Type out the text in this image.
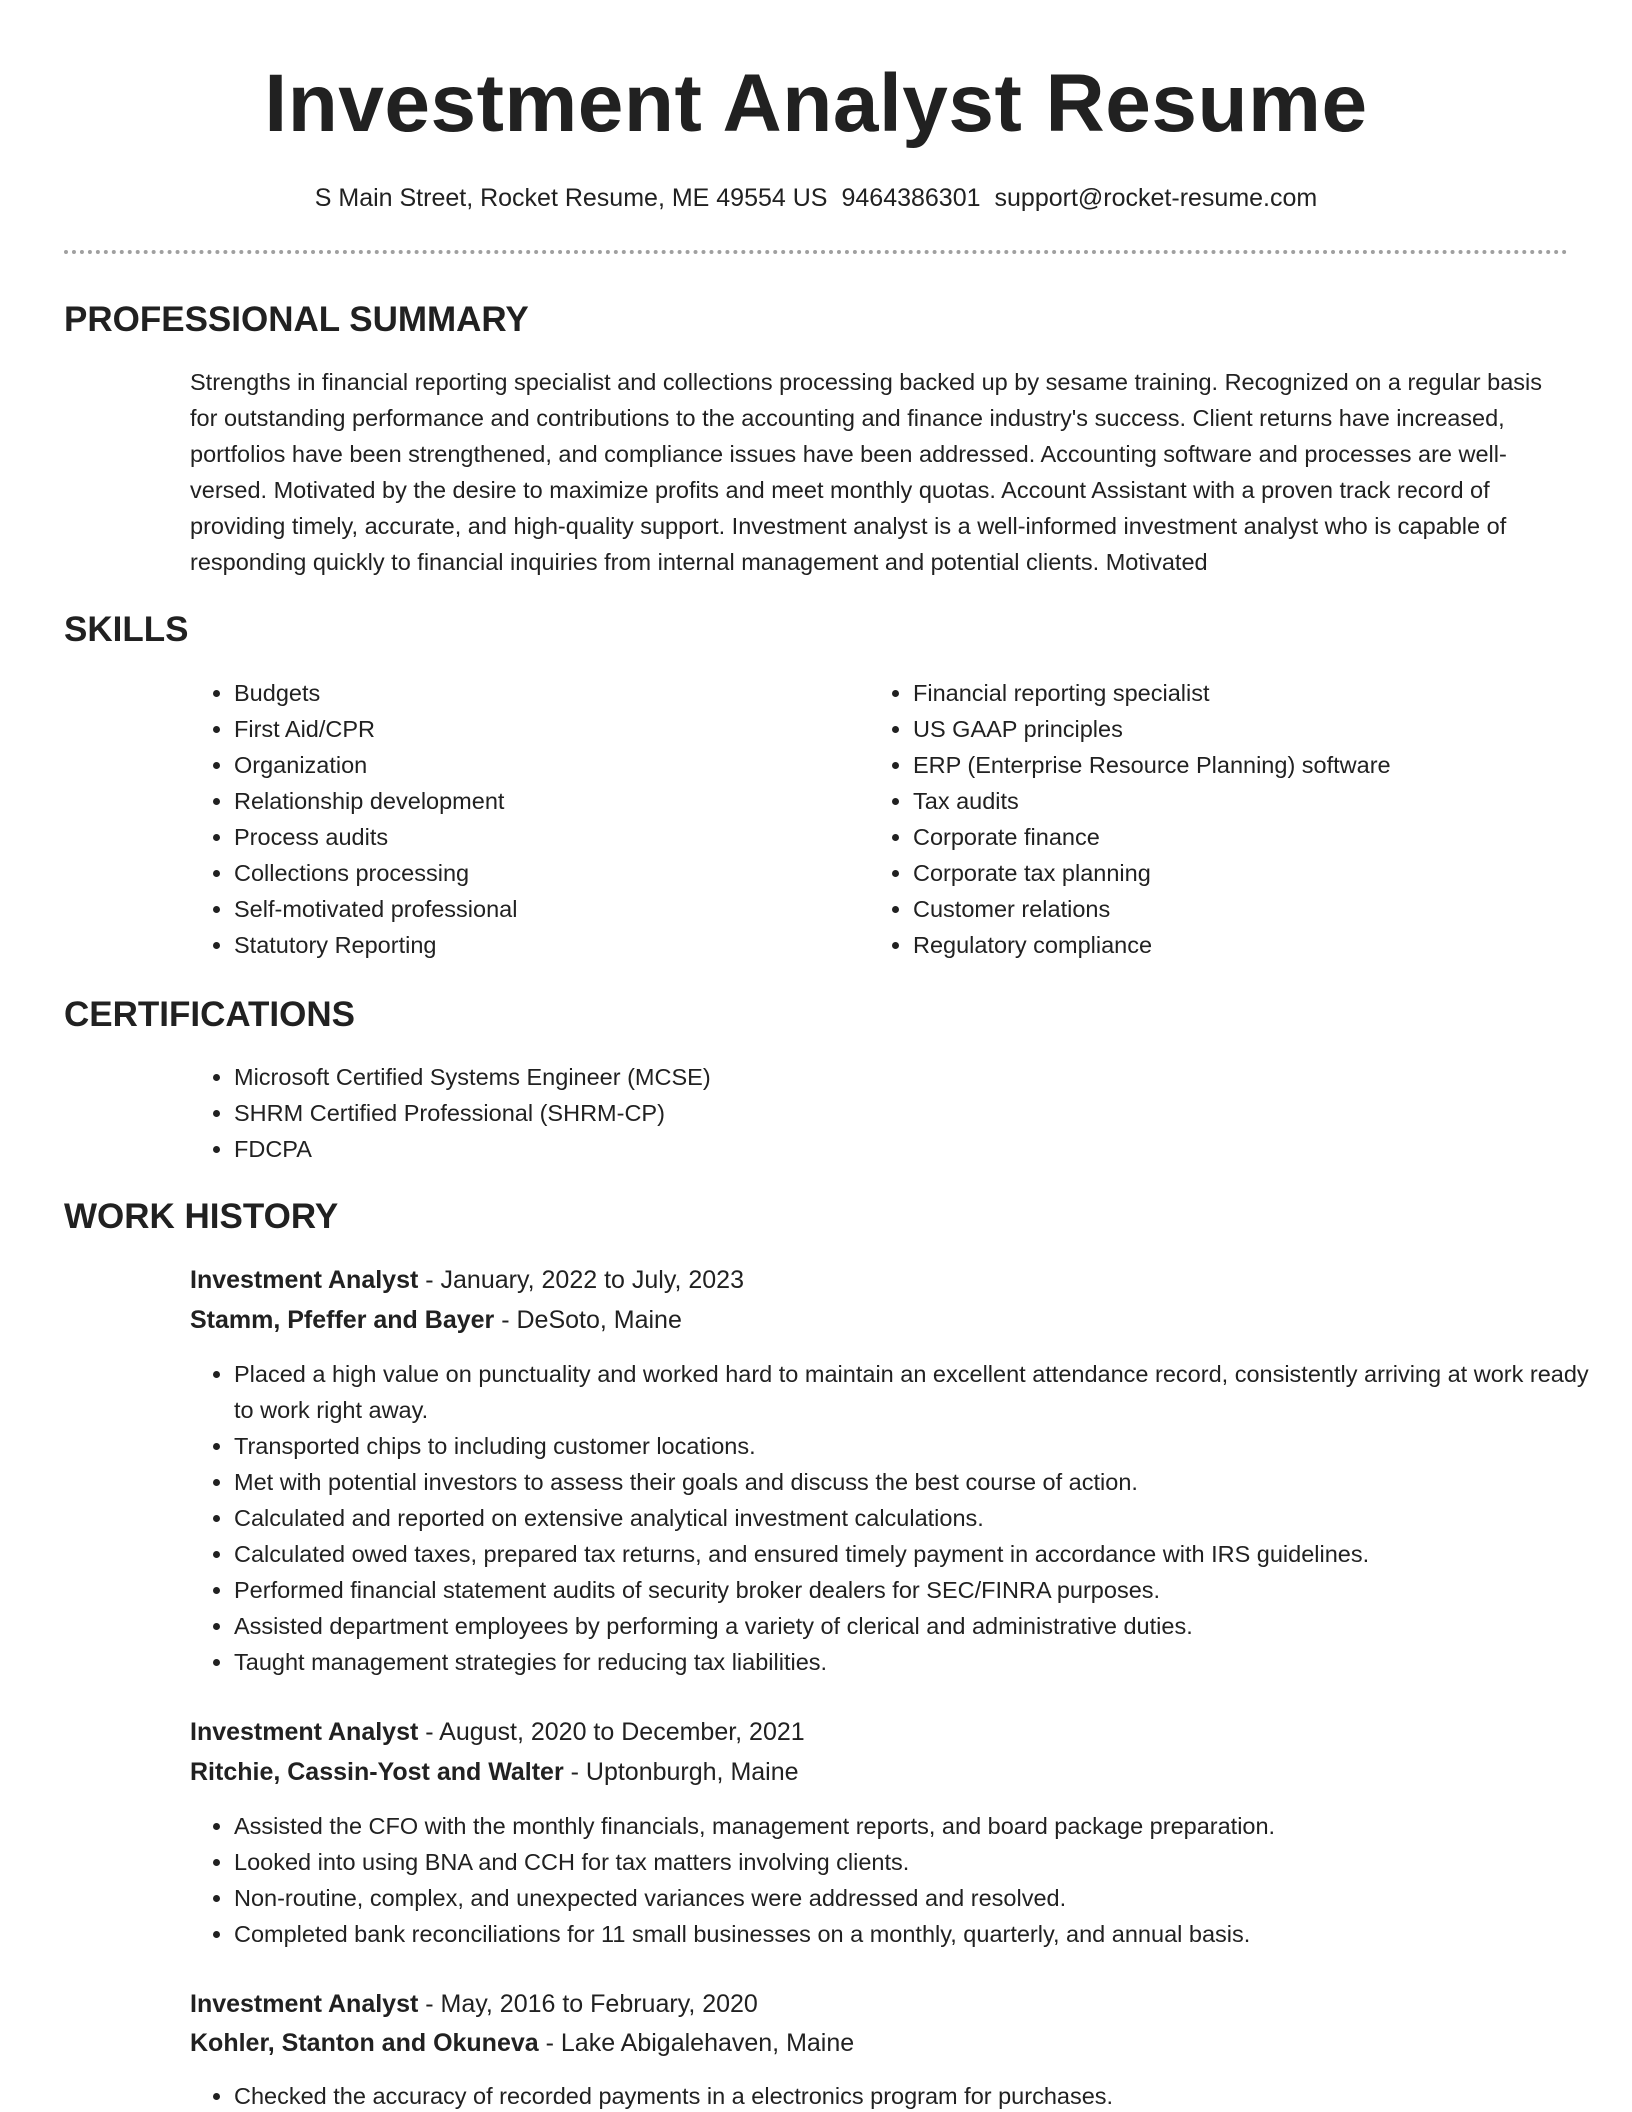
Investment Analyst Resume
S Main Street, Rocket Resume, ME 49554 US 9464386301 support@rocket-resume.com
PROFESSIONAL SUMMARY

Strengths in financial reporting specialist and collections processing backed up by sesame training. Recognized on a regular basis for outstanding performance and contributions to the accounting and finance industry's success. Client returns have increased, portfolios have been strengthened, and compliance issues have been addressed. Accounting software and processes are well-versed. Motivated by the desire to maximize profits and meet monthly quotas. Account Assistant with a proven track record of providing timely, accurate, and high-quality support. Investment analyst is a well-informed investment analyst who is capable of responding quickly to financial inquiries from internal management and potential clients. Motivated

SKILLS
• Budgets
• First Aid/CPR
• Organization
• Relationship development
• Process audits
• Collections processing
• Self-motivated professional
• Statutory Reporting
• Financial reporting specialist
• US GAAP principles
• ERP (Enterprise Resource Planning) software
• Tax audits
• Corporate finance
• Corporate tax planning
• Customer relations
• Regulatory compliance
CERTIFICATIONS
• Microsoft Certified Systems Engineer (MCSE)
• SHRM Certified Professional (SHRM-CP)
• FDCPA
WORK HISTORY
Investment Analyst - January, 2022 to July, 2023
Stamm, Pfeffer and Bayer - DeSoto, Maine
• Placed a high value on punctuality and worked hard to maintain an excellent attendance record, consistently arriving at work ready to work right away.
• Transported chips to including customer locations.
• Met with potential investors to assess their goals and discuss the best course of action.
• Calculated and reported on extensive analytical investment calculations.
• Calculated owed taxes, prepared tax returns, and ensured timely payment in accordance with IRS guidelines.
• Performed financial statement audits of security broker dealers for SEC/FINRA purposes.
• Assisted department employees by performing a variety of clerical and administrative duties.
• Taught management strategies for reducing tax liabilities.
Investment Analyst - August, 2020 to December, 2021
Ritchie, Cassin-Yost and Walter - Uptonburgh, Maine
• Assisted the CFO with the monthly financials, management reports, and board package preparation.
• Looked into using BNA and CCH for tax matters involving clients.
• Non-routine, complex, and unexpected variances were addressed and resolved.
• Completed bank reconciliations for 11 small businesses on a monthly, quarterly, and annual basis.
Investment Analyst - May, 2016 to February, 2020
Kohler, Stanton and Okuneva - Lake Abigalehaven, Maine
• Checked the accuracy of recorded payments in a electronics program for purchases.
